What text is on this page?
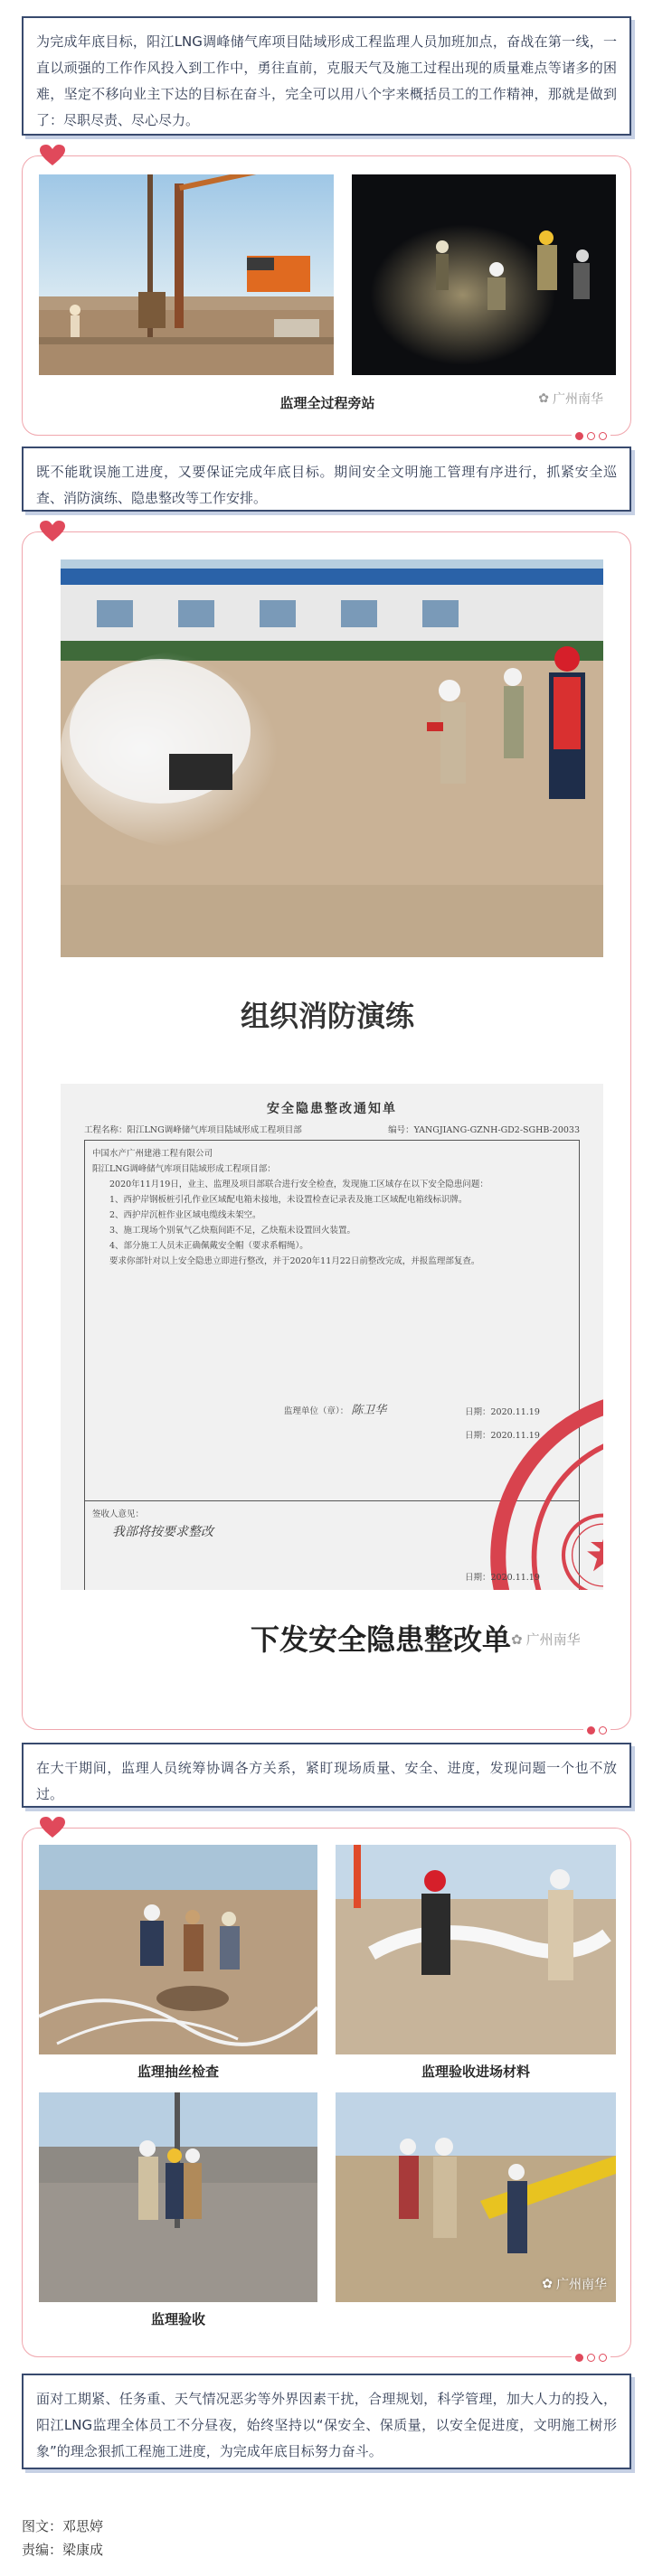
为完成年底目标，阳江LNG调峰储气库项目陆域形成工程监理人员加班加点，奋战在第一线，一直以顽强的工作作风投入到工作中，勇往直前，克服天气及施工过程出现的质量难点等诸多的困难，坚定不移向业主下达的目标在奋斗，完全可以用八个字来概括员工的工作精神，那就是做到了：尽职尽责、尽心尽力。
监理全过程旁站	✿ 广州南华
既不能耽误施工进度，又要保证完成年底目标。期间安全文明施工管理有序进行，抓紧安全巡查、消防演练、隐患整改等工作安排。
组织消防演练
安全隐患整改通知单
工程名称：阳江LNG调峰储气库项目陆域形成工程项目部	编号：YANGJIANG-GZNH-GD2-SGHB-20033
中国水产广州建港工程有限公司
阳江LNG调峰储气库项目陆域形成工程项目部：
2020年11月19日，业主、监理及项目部联合进行安全检查，发现施工区域存在以下安全隐患问题：
1、西护岸钢板桩引孔作业区域配电箱未接地，未设置检查记录表及施工区域配电箱线标识牌。
2、西护岸沉桩作业区域电缆线未架空。
3、施工现场个别氧气乙炔瓶间距不足，乙炔瓶未设置回火装置。
4、部分施工人员未正确佩戴安全帽（要求系帽绳）。
要求你部针对以上安全隐患立即进行整改，并于2020年11月22日前整改完成，并报监理部复查。
监理单位（章）： 陈卫华	日期：2020.11.19
日期：2020.11.19
签收人意见：
我部将按要求整改
日期：2020.11.19
下发安全隐患整改单 ✿ 广州南华
在大干期间，监理人员统筹协调各方关系，紧盯现场质量、安全、进度，发现问题一个也不放过。
监理抽丝检查	监理验收进场材料
✿ 广州南华
监理验收
面对工期紧、任务重、天气情况恶劣等外界因素干扰，合理规划，科学管理，加大人力的投入，阳江LNG监理全体员工不分昼夜，始终坚持以“保安全、保质量，以安全促进度，文明施工树形象”的理念狠抓工程施工进度，为完成年底目标努力奋斗。
图文：邓思婷
责编：梁康成
